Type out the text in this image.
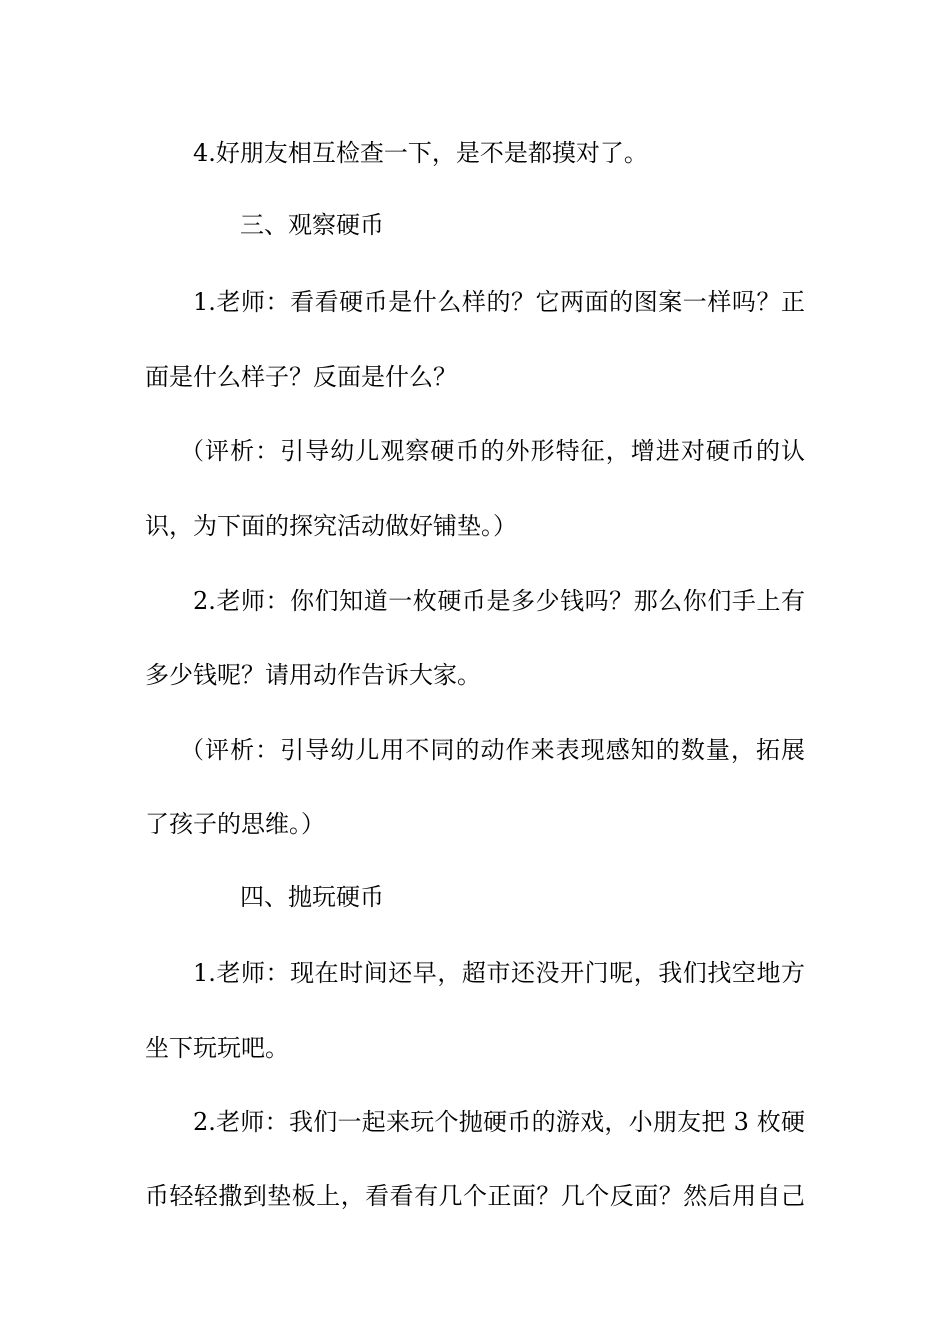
4.好朋友相互检查一下，是不是都摸对了。

三、观察硬币

1.老师：看看硬币是什么样的？它两面的图案一样吗？正

面是什么样子？反面是什么？

（评析：引导幼儿观察硬币的外形特征，增进对硬币的认

识，为下面的探究活动做好铺垫。）

2.老师：你们知道一枚硬币是多少钱吗？那么你们手上有

多少钱呢？请用动作告诉大家。

（评析：引导幼儿用不同的动作来表现感知的数量，拓展

了孩子的思维。）

四、抛玩硬币

1.老师：现在时间还早，超市还没开门呢，我们找空地方

坐下玩玩吧。

2.老师：我们一起来玩个抛硬币的游戏，小朋友把 3 枚硬

币轻轻撒到垫板上，看看有几个正面？几个反面？然后用自己
